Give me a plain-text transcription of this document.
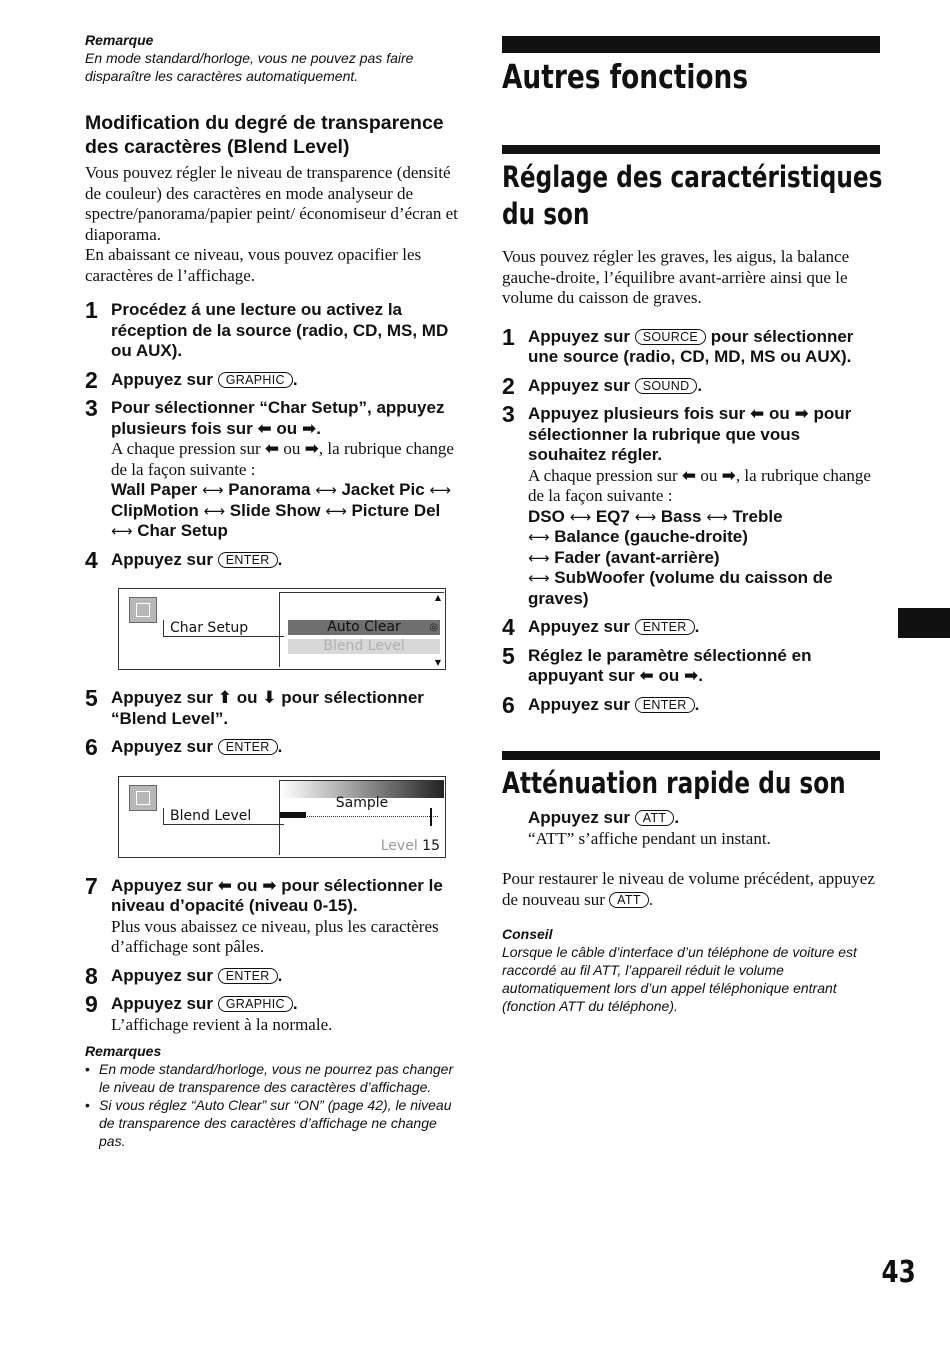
Remarque
En mode standard/horloge, vous ne pouvez pas faire disparaître les caractères automatiquement.
Modification du degré de transparence des caractères (Blend Level)
Vous pouvez régler le niveau de transparence (densité de couleur) des caractères en mode analyseur de spectre/panorama/papier peint/ économiseur d’écran et diaporama.
En abaissant ce niveau, vous pouvez opacifier les caractères de l’affichage.
1 Procédez á une lecture ou activez la réception de la source (radio, CD, MS, MD ou AUX).
2 Appuyez sur GRAPHIC .
3 Pour sélectionner “Char Setup”, appuyez plusieurs fois sur ⬅ ou ➡.
A chaque pression sur ⬅ ou ➡, la rubrique change de la façon suivante :
Wall Paper ⟷ Panorama ⟷ Jacket Pic ⟷ ClipMotion ⟷ Slide Show ⟷ Picture Del ⟷ Char Setup
4 Appuyez sur ENTER .
Char Setup
▲
Auto Clear	◎
Blend Level
▼
5 Appuyez sur ⬆ ou ⬇ pour sélectionner “Blend Level”.
6 Appuyez sur ENTER .
Blend Level
Sample
Level 15
7 Appuyez sur ⬅ ou ➡ pour sélectionner le niveau d’opacité (niveau 0-15).
Plus vous abaissez ce niveau, plus les caractères d’affichage sont pâles.
8 Appuyez sur ENTER .
9 Appuyez sur GRAPHIC .
L’affichage revient à la normale.
Remarques
• En mode standard/horloge, vous ne pourrez pas changer le niveau de transparence des caractères d’affichage.
• Si vous réglez “Auto Clear” sur “ON” (page 42), le niveau de transparence des caractères d’affichage ne change pas.
Autres fonctions
Réglage des caractéristiques
du son
Vous pouvez régler les graves, les aigus, la balance gauche-droite, l’équilibre avant-arrière ainsi que le volume du caisson de graves.
1 Appuyez sur SOURCE pour sélectionner une source (radio, CD, MD, MS ou AUX).
2 Appuyez sur SOUND .
3 Appuyez plusieurs fois sur ⬅ ou ➡ pour sélectionner la rubrique que vous souhaitez régler.
A chaque pression sur ⬅ ou ➡, la rubrique change de la façon suivante :
DSO ⟷ EQ7 ⟷ Bass ⟷ Treble
⟷ Balance (gauche-droite)
⟷ Fader (avant-arrière)
⟷ SubWoofer (volume du caisson de graves)
4 Appuyez sur ENTER .
5 Réglez le paramètre sélectionné en appuyant sur ⬅ ou ➡.
6 Appuyez sur ENTER .
Atténuation rapide du son
Appuyez sur ATT .
“ATT” s’affiche pendant un instant.
Pour restaurer le niveau de volume précédent, appuyez de nouveau sur ATT .
Conseil
Lorsque le câble d’interface d’un téléphone de voiture est raccordé au fil ATT, l’appareil réduit le volume automatiquement lors d’un appel téléphonique entrant (fonction ATT du téléphone).
43
